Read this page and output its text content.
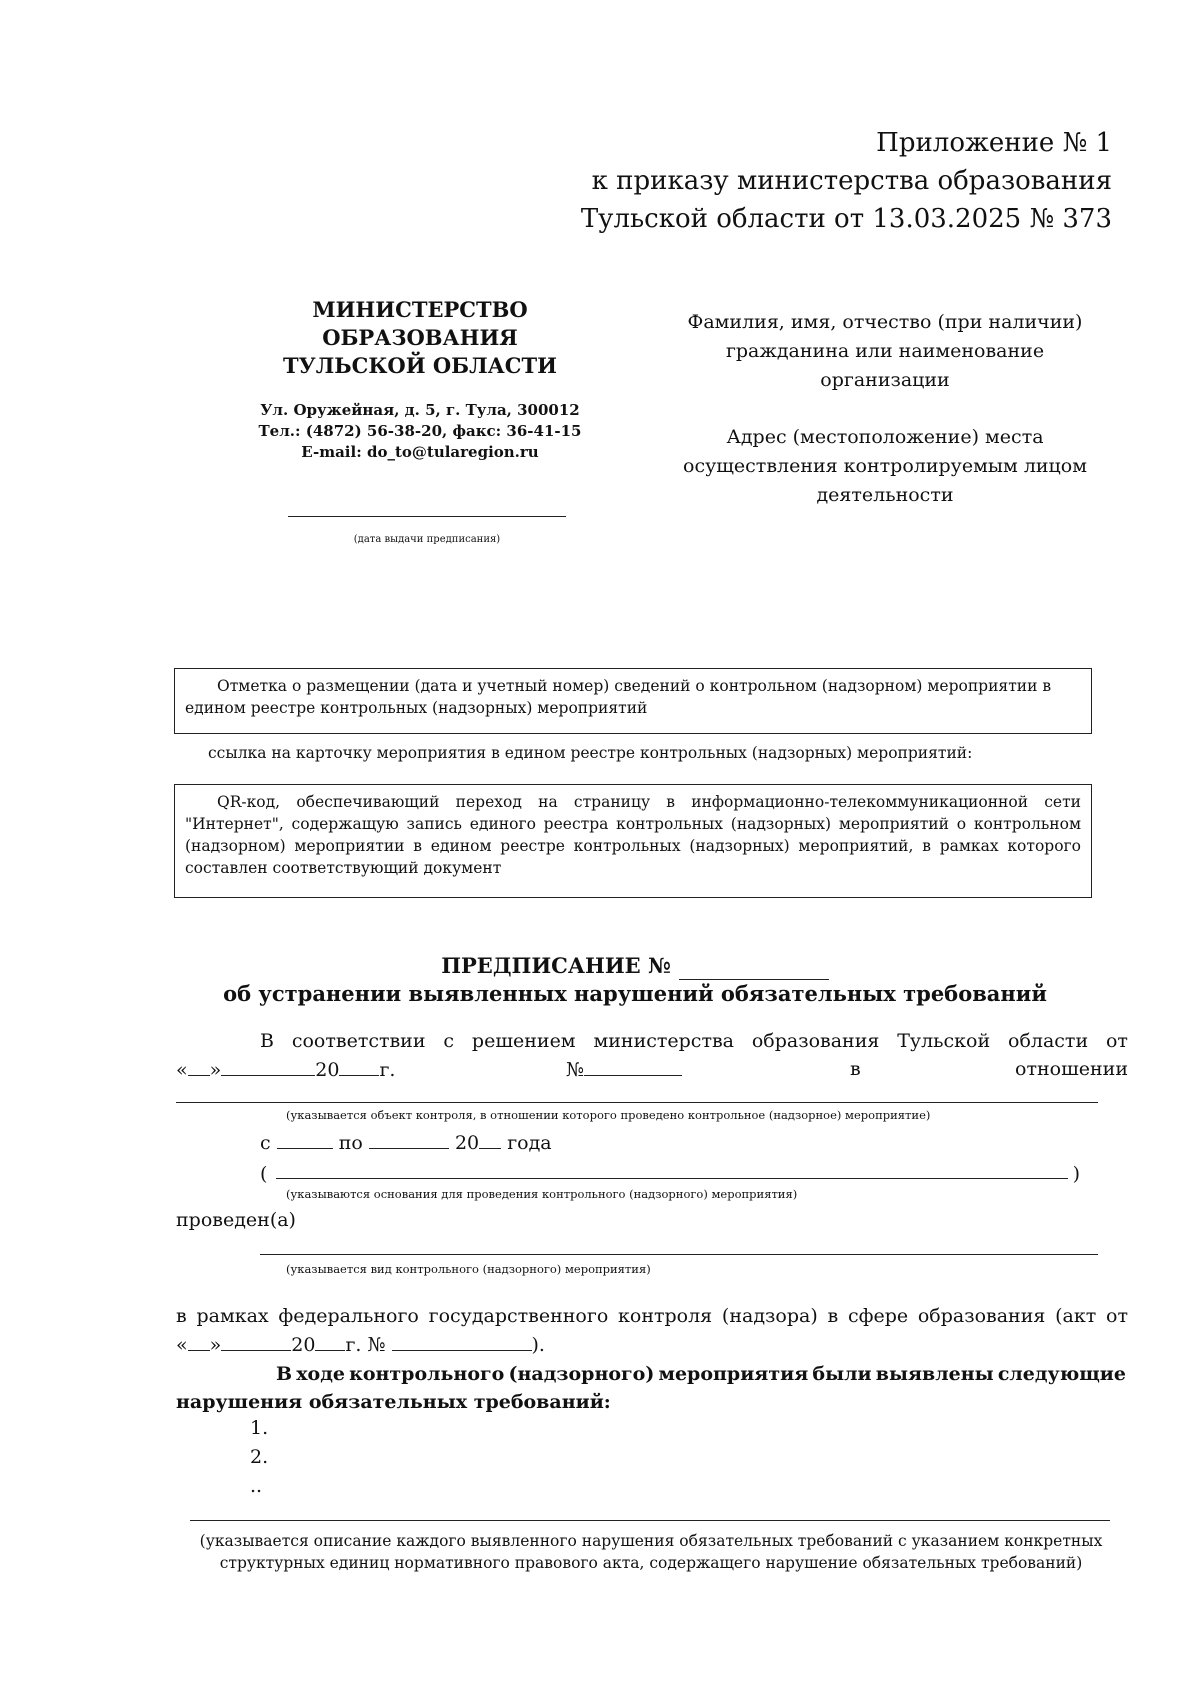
Приложение № 1
к приказу министерства образования
Тульской области от 13.03.2025 № 373
МИНИСТЕРСТВО
ОБРАЗОВАНИЯ
ТУЛЬСКОЙ ОБЛАСТИ
Ул. Оружейная, д. 5, г. Тула, 300012
Тел.: (4872) 56-38-20, факс: 36-41-15
E-mail: do_to@tularegion.ru
(дата выдачи предписания)
Фамилия, имя, отчество (при наличии)
гражданина или наименование
организации
Адрес (местоположение) места
осуществления контролируемым лицом
деятельности
Отметка о размещении (дата и учетный номер) сведений о контрольном (надзорном) мероприятии в
едином реестре контрольных (надзорных) мероприятий
ссылка на карточку мероприятия в едином реестре контрольных (надзорных) мероприятий:
QR-код, обеспечивающий переход на страницу в информационно-телекоммуникационной сети "Интернет", содержащую запись единого реестра контрольных (надзорных) мероприятий о контрольном (надзорном) мероприятии в едином реестре контрольных (надзорных) мероприятий, в рамках которого составлен соответствующий документ
ПРЕДПИСАНИЕ №
об устранении выявленных нарушений обязательных требований
В соответствии с решением министерства образования Тульской области от
« »	20 г.	№	в	отношении
(указывается объект контроля, в отношении которого проведено контрольное (надзорное) мероприятие)
с	по	20 года
(	)
(указываются основания для проведения контрольного (надзорного) мероприятия)
проведен(а)
(указывается вид контрольного (надзорного) мероприятия)
в рамках федерального государственного контроля (надзора) в сфере образования (акт от
« »	20 г. №	).
В ходе контрольного (надзорного) мероприятия были выявлены следующие
нарушения обязательных требований:
1.
2.
..
(указывается описание каждого выявленного нарушения обязательных требований с указанием конкретных структурных единиц нормативного правового акта, содержащего нарушение обязательных требований)
